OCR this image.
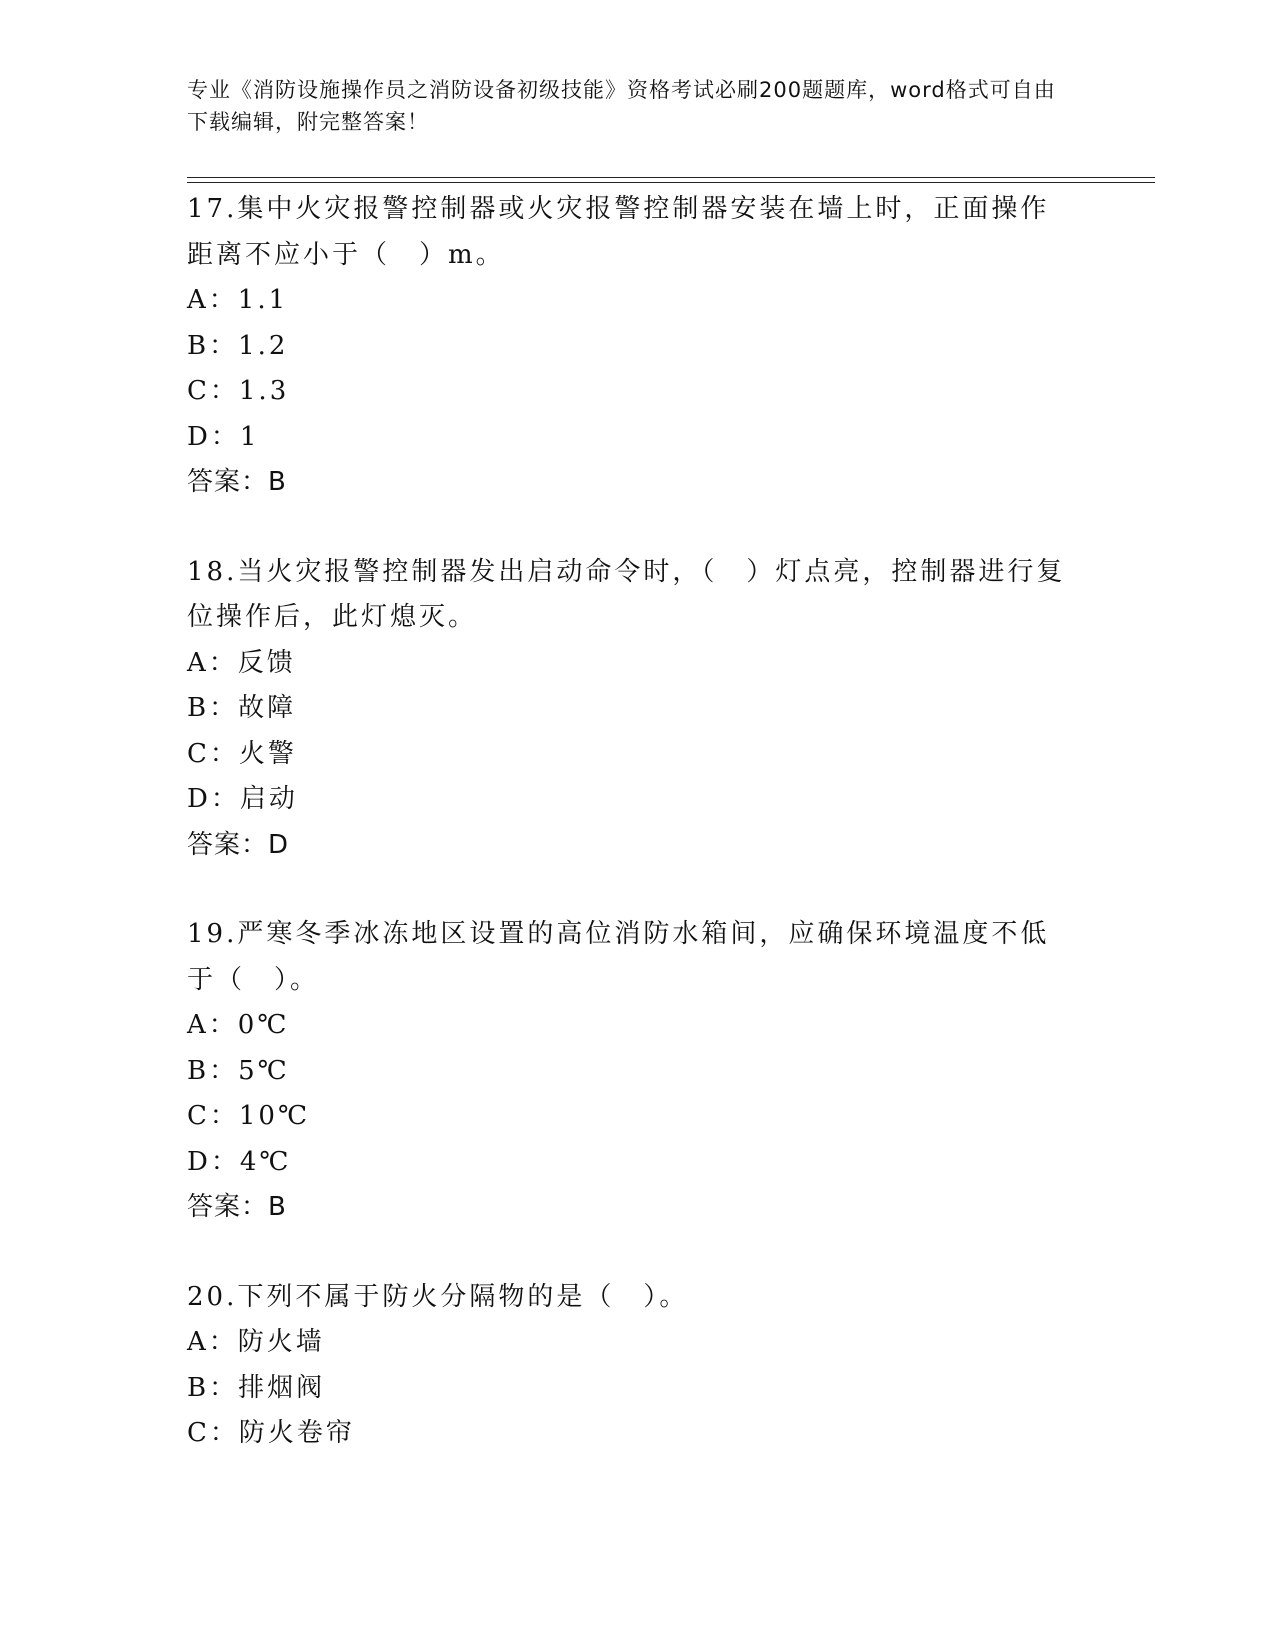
专业《消防设施操作员之消防设备初级技能》资格考试必刷200题题库，word格式可自由下载编辑，附完整答案！

17.集中火灾报警控制器或火灾报警控制器安装在墙上时，正面操作距离不应小于（　）m。

A：1.1

B：1.2

C：1.3

D：1

答案：B

18.当火灾报警控制器发出启动命令时，（　）灯点亮，控制器进行复位操作后，此灯熄灭。

A：反馈

B：故障

C：火警

D：启动

答案：D

19.严寒冬季冰冻地区设置的高位消防水箱间，应确保环境温度不低于（　）。

A：0℃

B：5℃

C：10℃

D：4℃

答案：B

20.下列不属于防火分隔物的是（　）。

A：防火墙

B：排烟阀

C：防火卷帘
